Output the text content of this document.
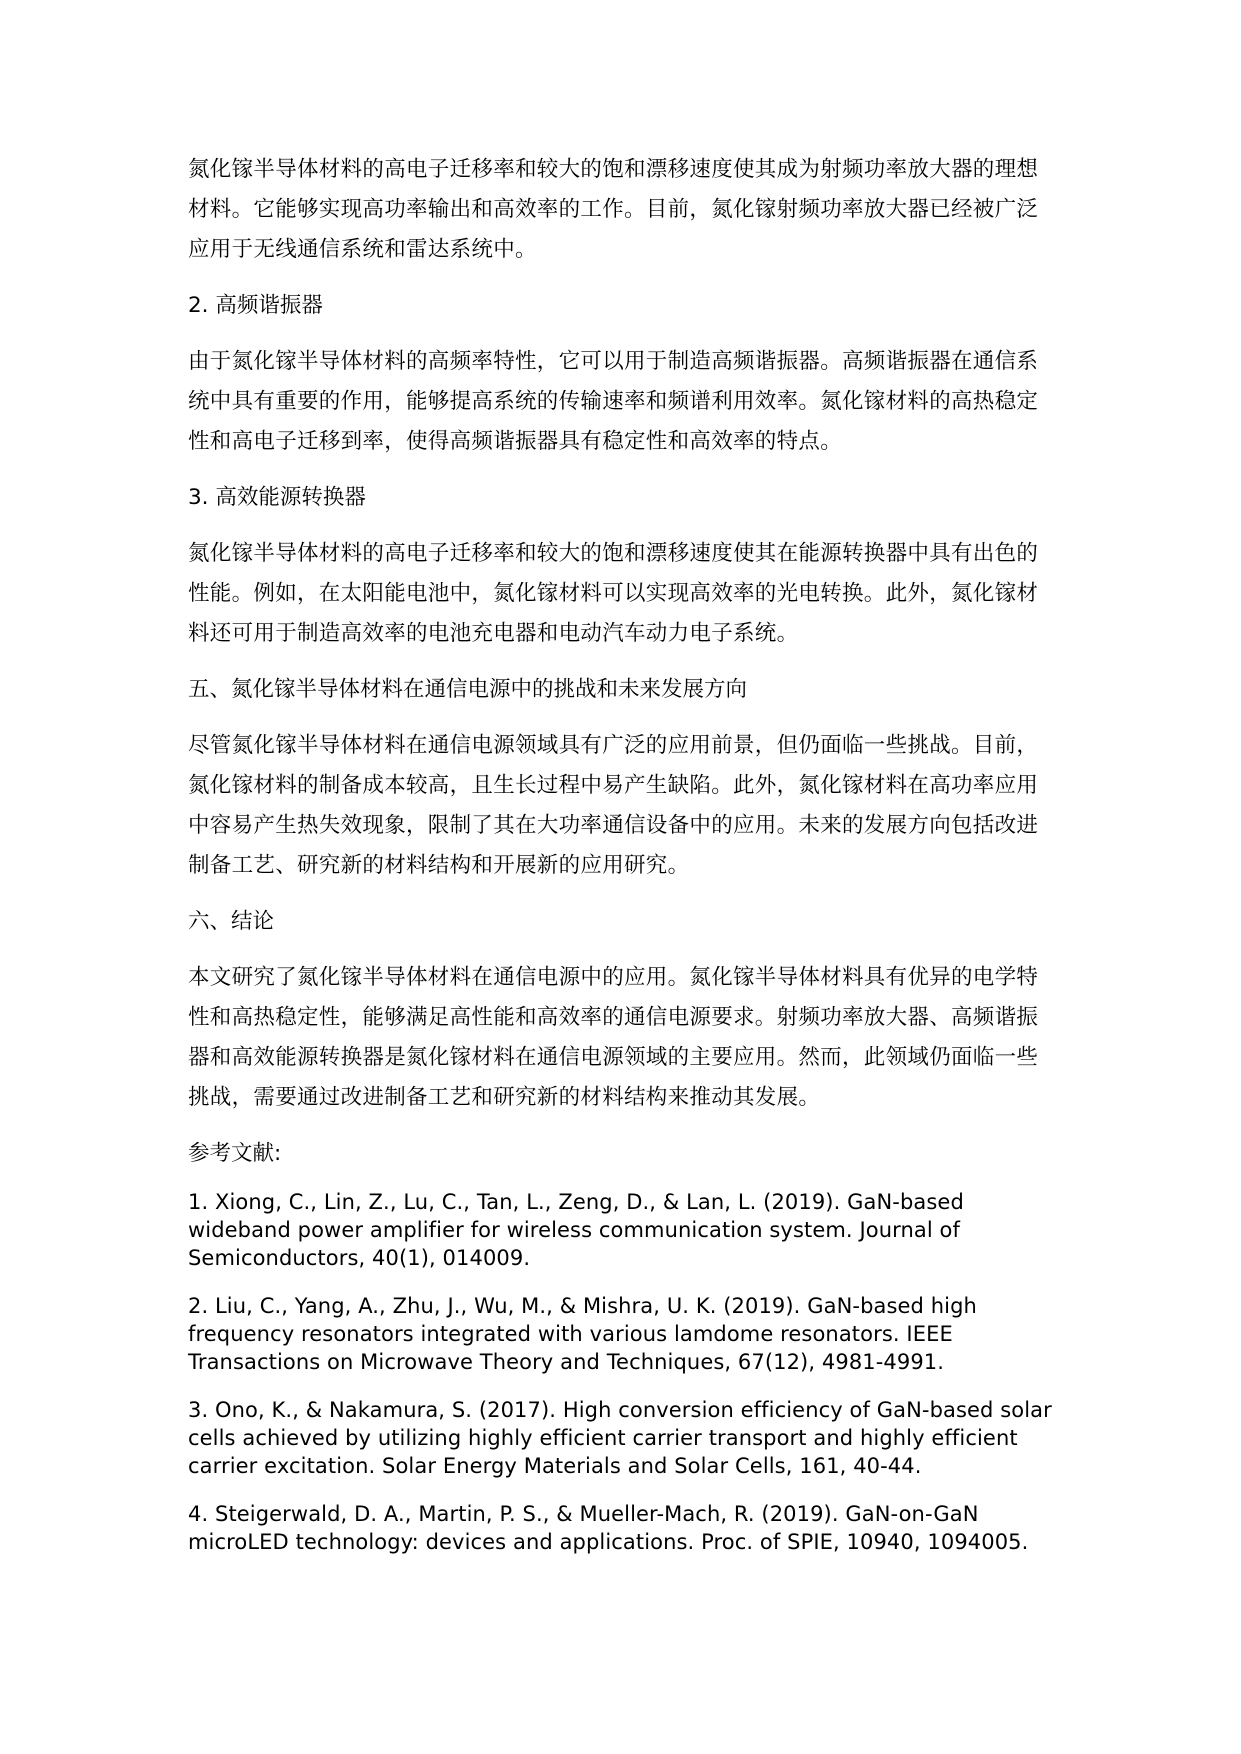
氮化镓半导体材料的高电子迁移率和较大的饱和漂移速度使其成为射频功率放大器的理想材料。它能够实现高功率输出和高效率的工作。目前，氮化镓射频功率放大器已经被广泛应用于无线通信系统和雷达系统中。

2. 高频谐振器

由于氮化镓半导体材料的高频率特性，它可以用于制造高频谐振器。高频谐振器在通信系统中具有重要的作用，能够提高系统的传输速率和频谱利用效率。氮化镓材料的高热稳定性和高电子迁移到率，使得高频谐振器具有稳定性和高效率的特点。

3. 高效能源转换器

氮化镓半导体材料的高电子迁移率和较大的饱和漂移速度使其在能源转换器中具有出色的性能。例如，在太阳能电池中，氮化镓材料可以实现高效率的光电转换。此外，氮化镓材料还可用于制造高效率的电池充电器和电动汽车动力电子系统。

五、氮化镓半导体材料在通信电源中的挑战和未来发展方向

尽管氮化镓半导体材料在通信电源领域具有广泛的应用前景，但仍面临一些挑战。目前，氮化镓材料的制备成本较高，且生长过程中易产生缺陷。此外，氮化镓材料在高功率应用中容易产生热失效现象，限制了其在大功率通信设备中的应用。未来的发展方向包括改进制备工艺、研究新的材料结构和开展新的应用研究。

六、结论

本文研究了氮化镓半导体材料在通信电源中的应用。氮化镓半导体材料具有优异的电学特性和高热稳定性，能够满足高性能和高效率的通信电源要求。射频功率放大器、高频谐振器和高效能源转换器是氮化镓材料在通信电源领域的主要应用。然而，此领域仍面临一些挑战，需要通过改进制备工艺和研究新的材料结构来推动其发展。

参考文献:

1. Xiong, C., Lin, Z., Lu, C., Tan, L., Zeng, D., & Lan, L. (2019). GaN-based wideband power amplifier for wireless communication system. Journal of Semiconductors, 40(1), 014009.

2. Liu, C., Yang, A., Zhu, J., Wu, M., & Mishra, U. K. (2019). GaN-based high frequency resonators integrated with various lamdome resonators. IEEE Transactions on Microwave Theory and Techniques, 67(12), 4981-4991.

3. Ono, K., & Nakamura, S. (2017). High conversion efficiency of GaN-based solar cells achieved by utilizing highly efficient carrier transport and highly efficient carrier excitation. Solar Energy Materials and Solar Cells, 161, 40-44.

4. Steigerwald, D. A., Martin, P. S., & Mueller-Mach, R. (2019). GaN-on-GaN microLED technology: devices and applications. Proc. of SPIE, 10940, 1094005.
